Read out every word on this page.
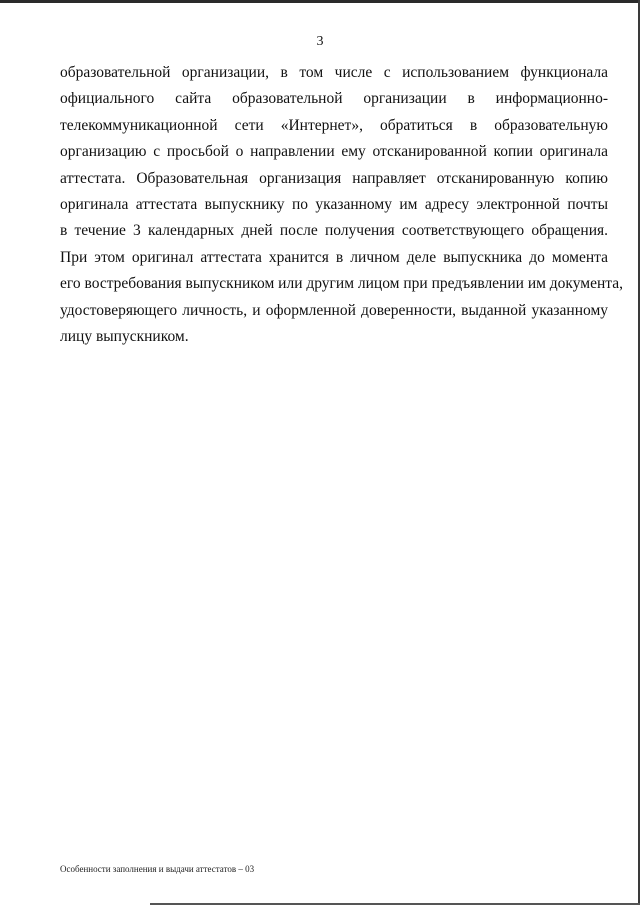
3
образовательной организации, в том числе с использованием функционала
официального сайта образовательной организации в информационно-
телекоммуникационной сети «Интернет», обратиться в образовательную
организацию с просьбой о направлении ему отсканированной копии оригинала
аттестата. Образовательная организация направляет отсканированную копию
оригинала аттестата выпускнику по указанному им адресу электронной почты
в течение 3 календарных дней после получения соответствующего обращения.
При этом оригинал аттестата хранится в личном деле выпускника до момента
его востребования выпускником или другим лицом при предъявлении им документа,
удостоверяющего личность, и оформленной доверенности, выданной указанному
лицу выпускником.
Особенности заполнения и выдачи аттестатов – 03
